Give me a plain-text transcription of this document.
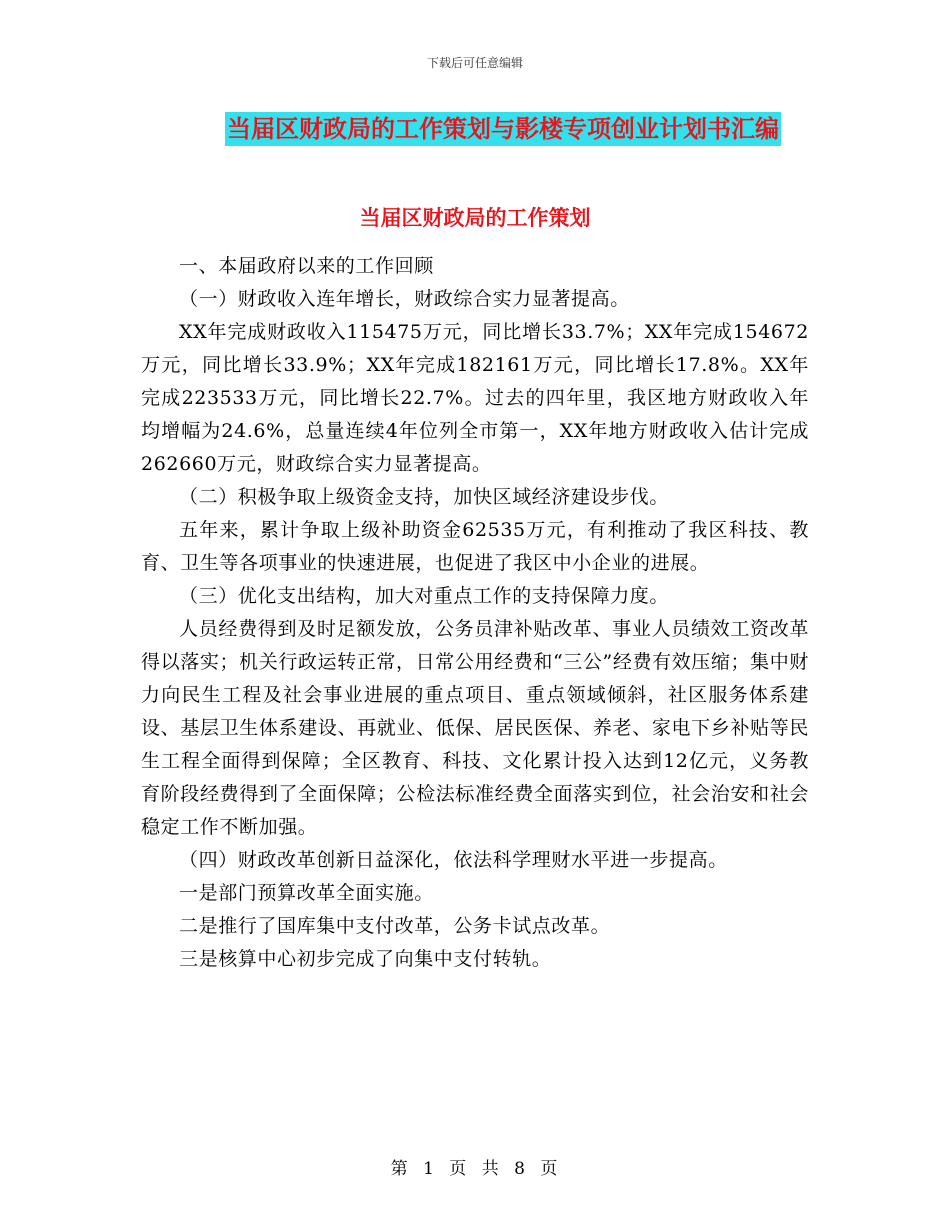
下载后可任意编辑
当届区财政局的工作策划与影楼专项创业计划书汇编
当届区财政局的工作策划

一、本届政府以来的工作回顾

（一）财政收入连年增长，财政综合实力显著提高。

XX年完成财政收入115475万元，同比增长33.7%；XX年完成154672万元，同比增长33.9%；XX年完成182161万元，同比增长17.8%。XX年完成223533万元，同比增长22.7%。过去的四年里，我区地方财政收入年均增幅为24.6%，总量连续4年位列全市第一，XX年地方财政收入估计完成262660万元，财政综合实力显著提高。

（二）积极争取上级资金支持，加快区域经济建设步伐。

五年来，累计争取上级补助资金62535万元，有利推动了我区科技、教育、卫生等各项事业的快速进展，也促进了我区中小企业的进展。

（三）优化支出结构，加大对重点工作的支持保障力度。

人员经费得到及时足额发放，公务员津补贴改革、事业人员绩效工资改革得以落实；机关行政运转正常，日常公用经费和“三公”经费有效压缩；集中财力向民生工程及社会事业进展的重点项目、重点领域倾斜，社区服务体系建设、基层卫生体系建设、再就业、低保、居民医保、养老、家电下乡补贴等民生工程全面得到保障；全区教育、科技、文化累计投入达到12亿元，义务教育阶段经费得到了全面保障；公检法标准经费全面落实到位，社会治安和社会稳定工作不断加强。

（四）财政改革创新日益深化，依法科学理财水平进一步提高。

一是部门预算改革全面实施。

二是推行了国库集中支付改革，公务卡试点改革。

三是核算中心初步完成了向集中支付转轨。

第 1 页 共 8 页
